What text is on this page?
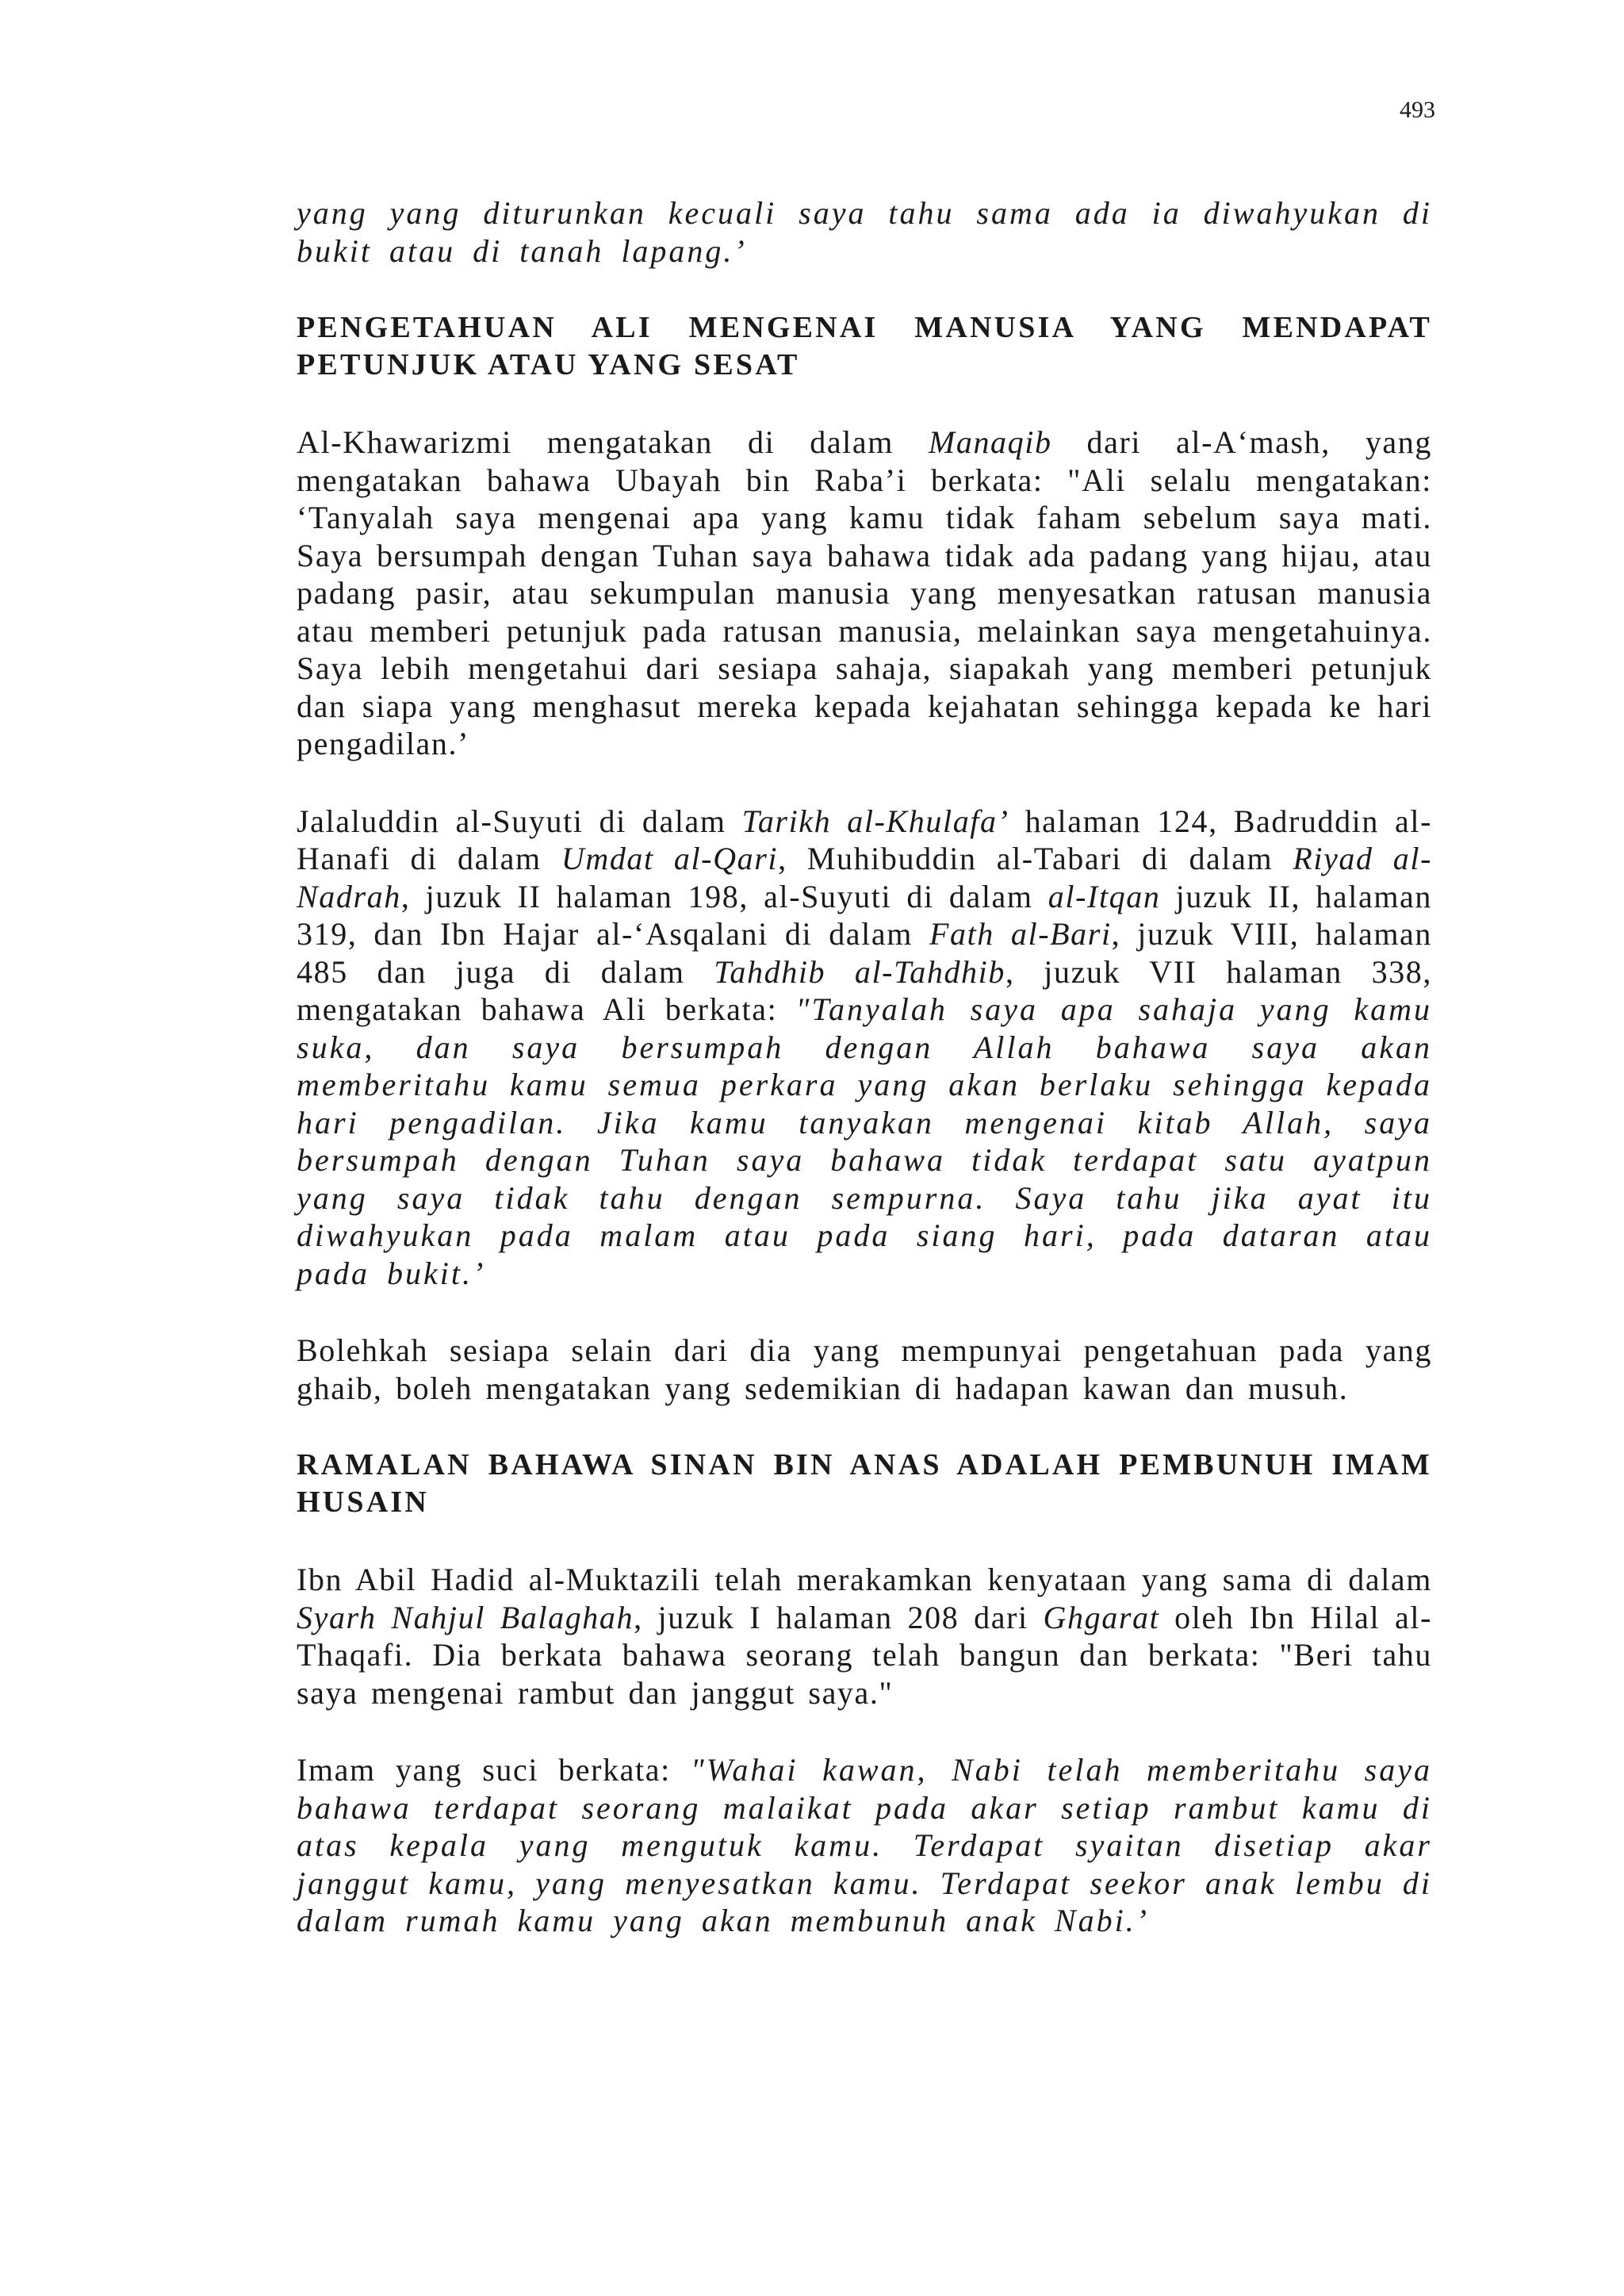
493

yang yang diturunkan kecuali saya tahu sama ada ia diwahyukan di bukit atau di tanah lapang.’

PENGETAHUAN ALI MENGENAI MANUSIA YANG MENDAPAT PETUNJUK ATAU YANG SESAT

Al-Khawarizmi mengatakan di dalam Manaqib dari al-A‘mash, yang mengatakan bahawa Ubayah bin Raba’i berkata: "Ali selalu mengatakan: ‘Tanyalah saya mengenai apa yang kamu tidak faham sebelum saya mati. Saya bersumpah dengan Tuhan saya bahawa tidak ada padang yang hijau, atau padang pasir, atau sekumpulan manusia yang menyesatkan ratusan manusia atau memberi petunjuk pada ratusan manusia, melainkan saya mengetahuinya. Saya lebih mengetahui dari sesiapa sahaja, siapakah yang memberi petunjuk dan siapa yang menghasut mereka kepada kejahatan sehingga kepada ke hari pengadilan.’

Jalaluddin al-Suyuti di dalam Tarikh al-Khulafa’ halaman 124, Badruddin al-Hanafi di dalam Umdat al-Qari, Muhibuddin al-Tabari di dalam Riyad al-Nadrah, juzuk II halaman 198, al-Suyuti di dalam al-Itqan juzuk II, halaman 319, dan Ibn Hajar al-‘Asqalani di dalam Fath al-Bari, juzuk VIII, halaman 485 dan juga di dalam Tahdhib al-Tahdhib, juzuk VII halaman 338, mengatakan bahawa Ali berkata: "Tanyalah saya apa sahaja yang kamu suka, dan saya bersumpah dengan Allah bahawa saya akan memberitahu kamu semua perkara yang akan berlaku sehingga kepada hari pengadilan. Jika kamu tanyakan mengenai kitab Allah, saya bersumpah dengan Tuhan saya bahawa tidak terdapat satu ayatpun yang saya tidak tahu dengan sempurna. Saya tahu jika ayat itu diwahyukan pada malam atau pada siang hari, pada dataran atau pada bukit.’

Bolehkah sesiapa selain dari dia yang mempunyai pengetahuan pada yang ghaib, boleh mengatakan yang sedemikian di hadapan kawan dan musuh.

RAMALAN BAHAWA SINAN BIN ANAS ADALAH PEMBUNUH IMAM HUSAIN

Ibn Abil Hadid al-Muktazili telah merakamkan kenyataan yang sama di dalam Syarh Nahjul Balaghah, juzuk I halaman 208 dari Ghgarat oleh Ibn Hilal al-Thaqafi. Dia berkata bahawa seorang telah bangun dan berkata: "Beri tahu saya mengenai rambut dan janggut saya."

Imam yang suci berkata: "Wahai kawan, Nabi telah memberitahu saya bahawa terdapat seorang malaikat pada akar setiap rambut kamu di atas kepala yang mengutuk kamu. Terdapat syaitan disetiap akar janggut kamu, yang menyesatkan kamu. Terdapat seekor anak lembu di dalam rumah kamu yang akan membunuh anak Nabi.’
